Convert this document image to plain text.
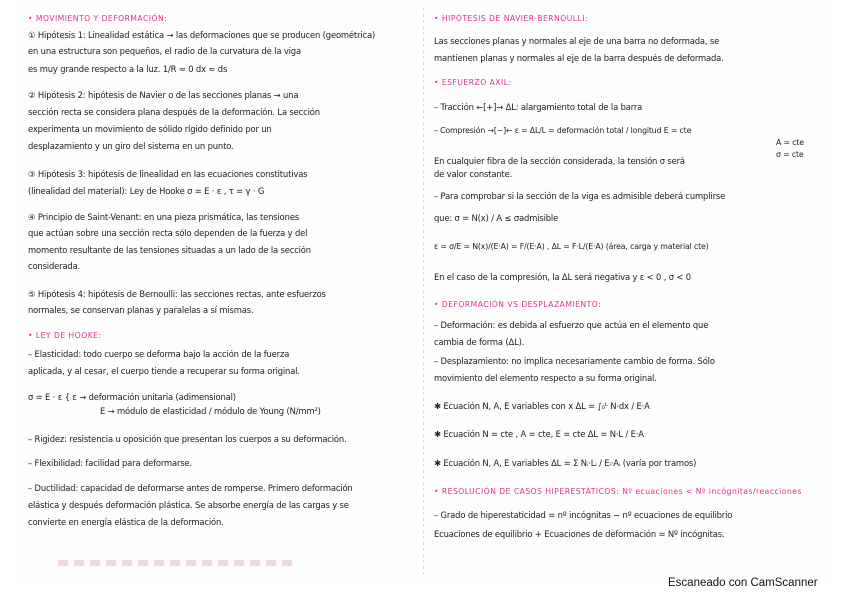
• MOVIMIENTO Y DEFORMACIÓN:
① Hipótesis 1: Linealidad estática → las deformaciones que se producen (geométrica)
en una estructura son pequeños, el radio de la curvatura de la viga
es muy grande respecto a la luz. 1/R ≈ 0 dx ≈ ds
② Hipótesis 2: hipótesis de Navier o de las secciones planas → una
sección recta se considera plana después de la deformación. La sección
experimenta un movimiento de sólido rígido definido por un
desplazamiento y un giro del sistema en un punto.
③ Hipótesis 3: hipótesis de linealidad en las ecuaciones constitutivas
(linealidad del material): Ley de Hooke σ = E · ε , τ = γ · G
④ Principio de Saint-Venant: en una pieza prismática, las tensiones
que actúan sobre una sección recta sólo dependen de la fuerza y del
momento resultante de las tensiones situadas a un lado de la sección
considerada.
⑤ Hipótesis 4: hipótesis de Bernoulli: las secciones rectas, ante esfuerzos
normales, se conservan planas y paralelas a sí mismas.
• LEY DE HOOKE:
– Elasticidad: todo cuerpo se deforma bajo la acción de la fuerza
aplicada, y al cesar, el cuerpo tiende a recuperar su forma original.
σ = E · ε { ε → deformación unitaria (adimensional)
E → módulo de elasticidad / módulo de Young (N/mm²)
– Rigidez: resistencia u oposición que presentan los cuerpos a su deformación.
– Flexibilidad: facilidad para deformarse.
– Ductilidad: capacidad de deformarse antes de romperse. Primero deformación
elástica y después deformación plástica. Se absorbe energía de las cargas y se
convierte en energía elástica de la deformación.
• HIPÓTESIS DE NAVIER-BERNOULLI:
Las secciones planas y normales al eje de una barra no deformada, se
mantienen planas y normales al eje de la barra después de deformada.
• ESFUERZO AXIL:
– Tracción ←[+]→ ΔL: alargamiento total de la barra
– Compresión →[−]← ε = ΔL/L = deformación total / longitud E = cte
A = cte
σ = cte
En cualquier fibra de la sección considerada, la tensión σ será
de valor constante.
– Para comprobar si la sección de la viga es admisible deberá cumplirse
que: σ = N(x) / A ≤ σadmisible
ε = σ/E = N(x)/(E·A) = F/(E·A) , ΔL = F·L/(E·A) (área, carga y material cte)
En el caso de la compresión, la ΔL será negativa y ε < 0 , σ < 0
• DEFORMACIÓN VS DESPLAZAMIENTO:
– Deformación: es debida al esfuerzo que actúa en el elemento que
cambia de forma (ΔL).
– Desplazamiento: no implica necesariamente cambio de forma. Sólo
movimiento del elemento respecto a su forma original.
✱ Ecuación N, A, E variables con x ΔL = ∫₀ᴸ N·dx / E·A
✱ Ecuación N = cte , A = cte, E = cte ΔL = N·L / E·A
✱ Ecuación N, A, E variables ΔL = Σ Nᵢ·Lᵢ / Eᵢ·Aᵢ (varía por tramos)
• RESOLUCIÓN DE CASOS HIPERESTÁTICOS: Nº ecuaciones < Nº incógnitas/reacciones
– Grado de hiperestaticidad = nº incógnitas − nº ecuaciones de equilibrio
Ecuaciones de equilibrio + Ecuaciones de deformación = Nº incógnitas.
Escaneado con CamScanner
